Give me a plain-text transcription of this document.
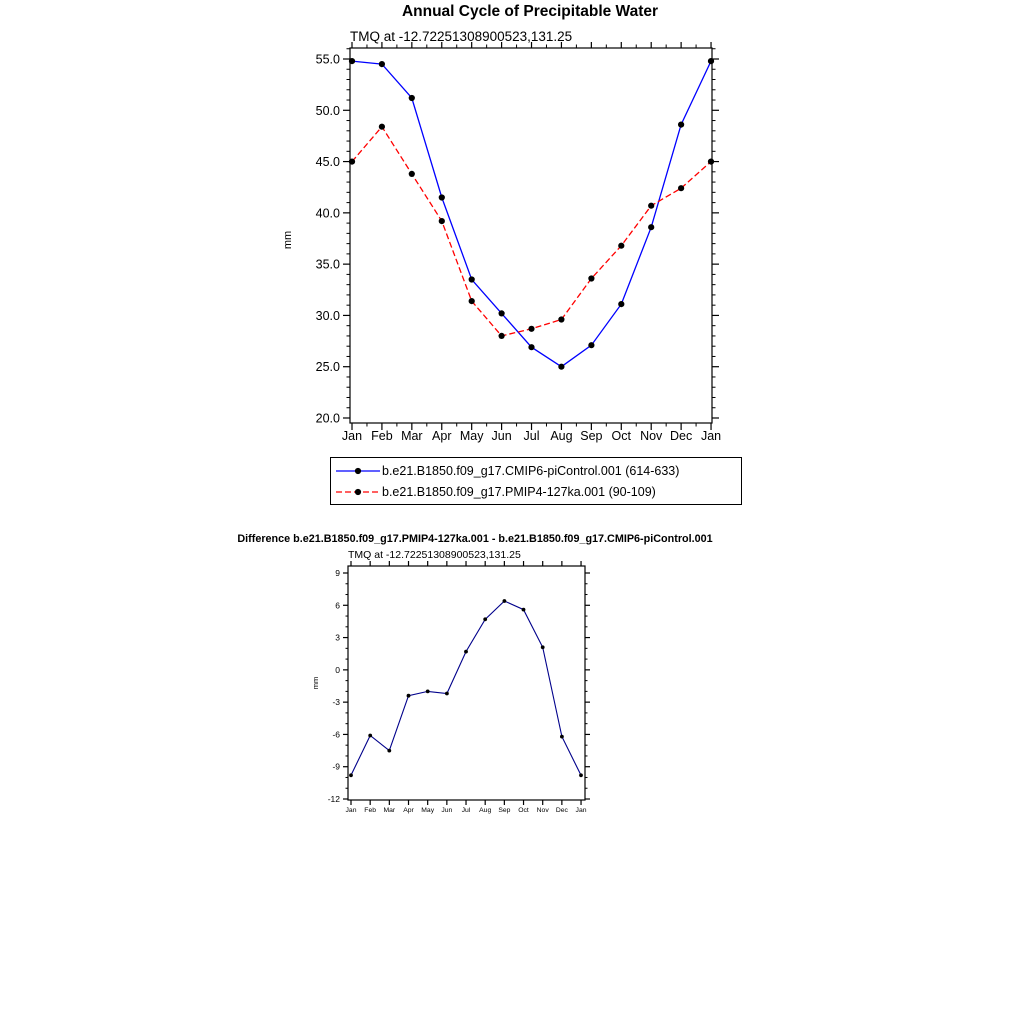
Annual Cycle of Precipitable Water
TMQ at -12.72251308900523,131.25
20.0
25.0
30.0
35.0
40.0
45.0
50.0
55.0
Jan Feb Mar Apr May Jun Jul Aug Sep Oct Nov Dec Jan
mm
b.e21.B1850.f09_g17.CMIP6-piControl.001 (614-633)
b.e21.B1850.f09_g17.PMIP4-127ka.001 (90-109)
Difference b.e21.B1850.f09_g17.PMIP4-127ka.001 - b.e21.B1850.f09_g17.CMIP6-piControl.001
TMQ at -12.72251308900523,131.25
-12
-9
-6
-3
0
3
6
9
Jan Feb Mar Apr May Jun Jul Aug Sep Oct Nov Dec Jan
mm
